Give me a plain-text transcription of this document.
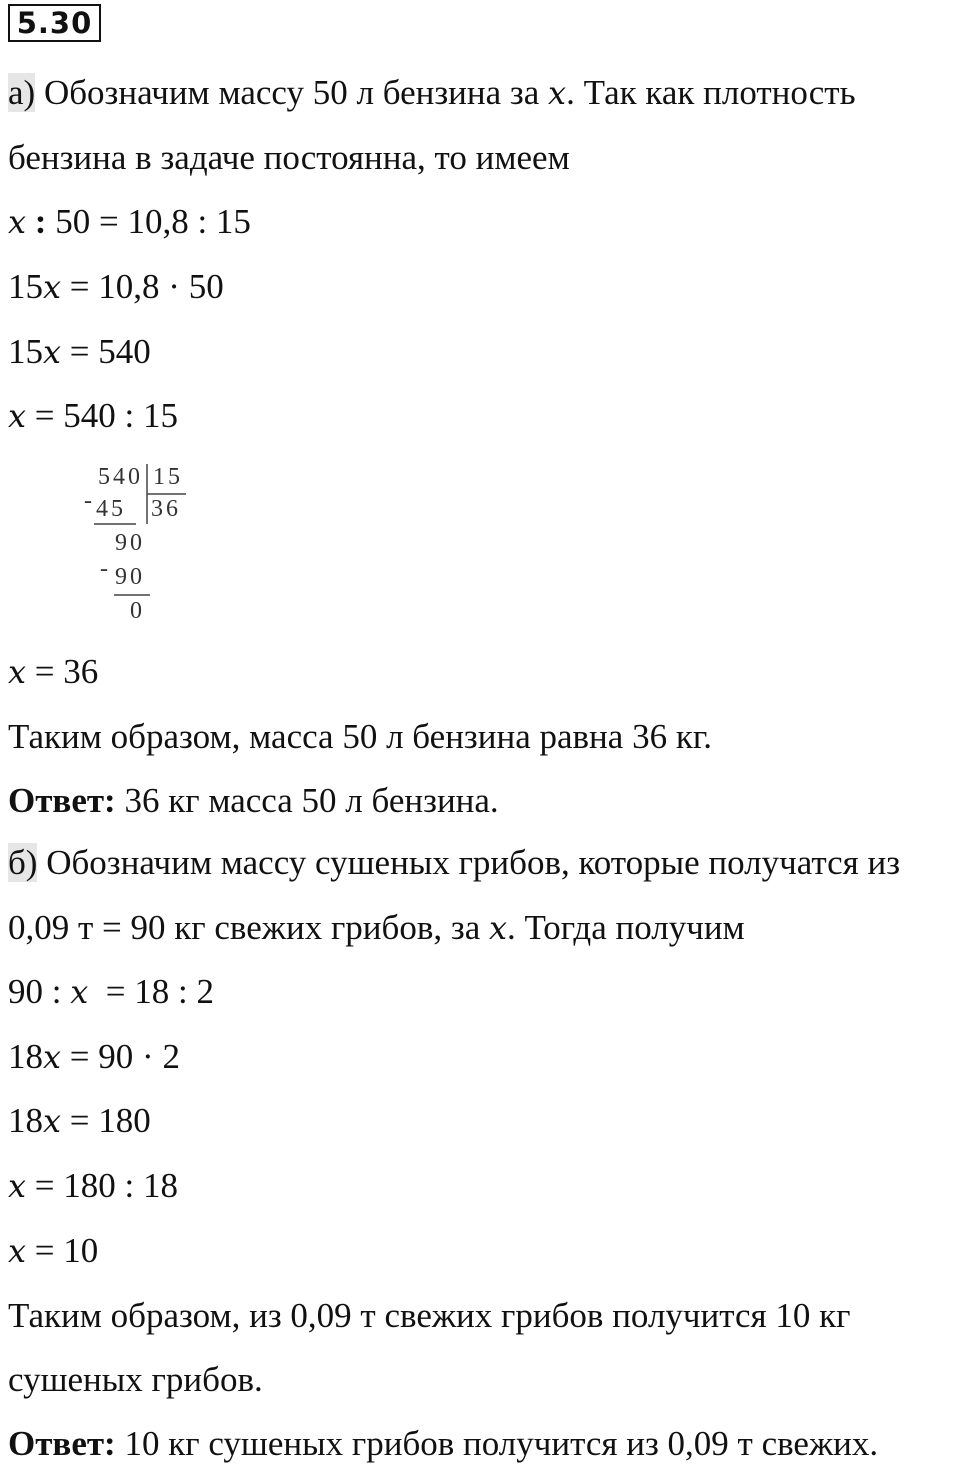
5.30
а) Обозначим массу 50 л бензина за x. Так как плотность
бензина в задаче постоянна, то имеем
x : 50 = 10,8 : 15
15x = 10,8 · 50
15x = 540
x = 540 : 15
540 15
- 45 36
90
- 90
0
x = 36
Таким образом, масса 50 л бензина равна 36 кг.
Ответ: 36 кг масса 50 л бензина.
б) Обозначим массу сушеных грибов, которые получатся из
0,09 т = 90 кг свежих грибов, за x. Тогда получим
90 : x  = 18 : 2
18x = 90 · 2
18x = 180
x = 180 : 18
x = 10
Таким образом, из 0,09 т свежих грибов получится 10 кг
сушеных грибов.
Ответ: 10 кг сушеных грибов получится из 0,09 т свежих.
